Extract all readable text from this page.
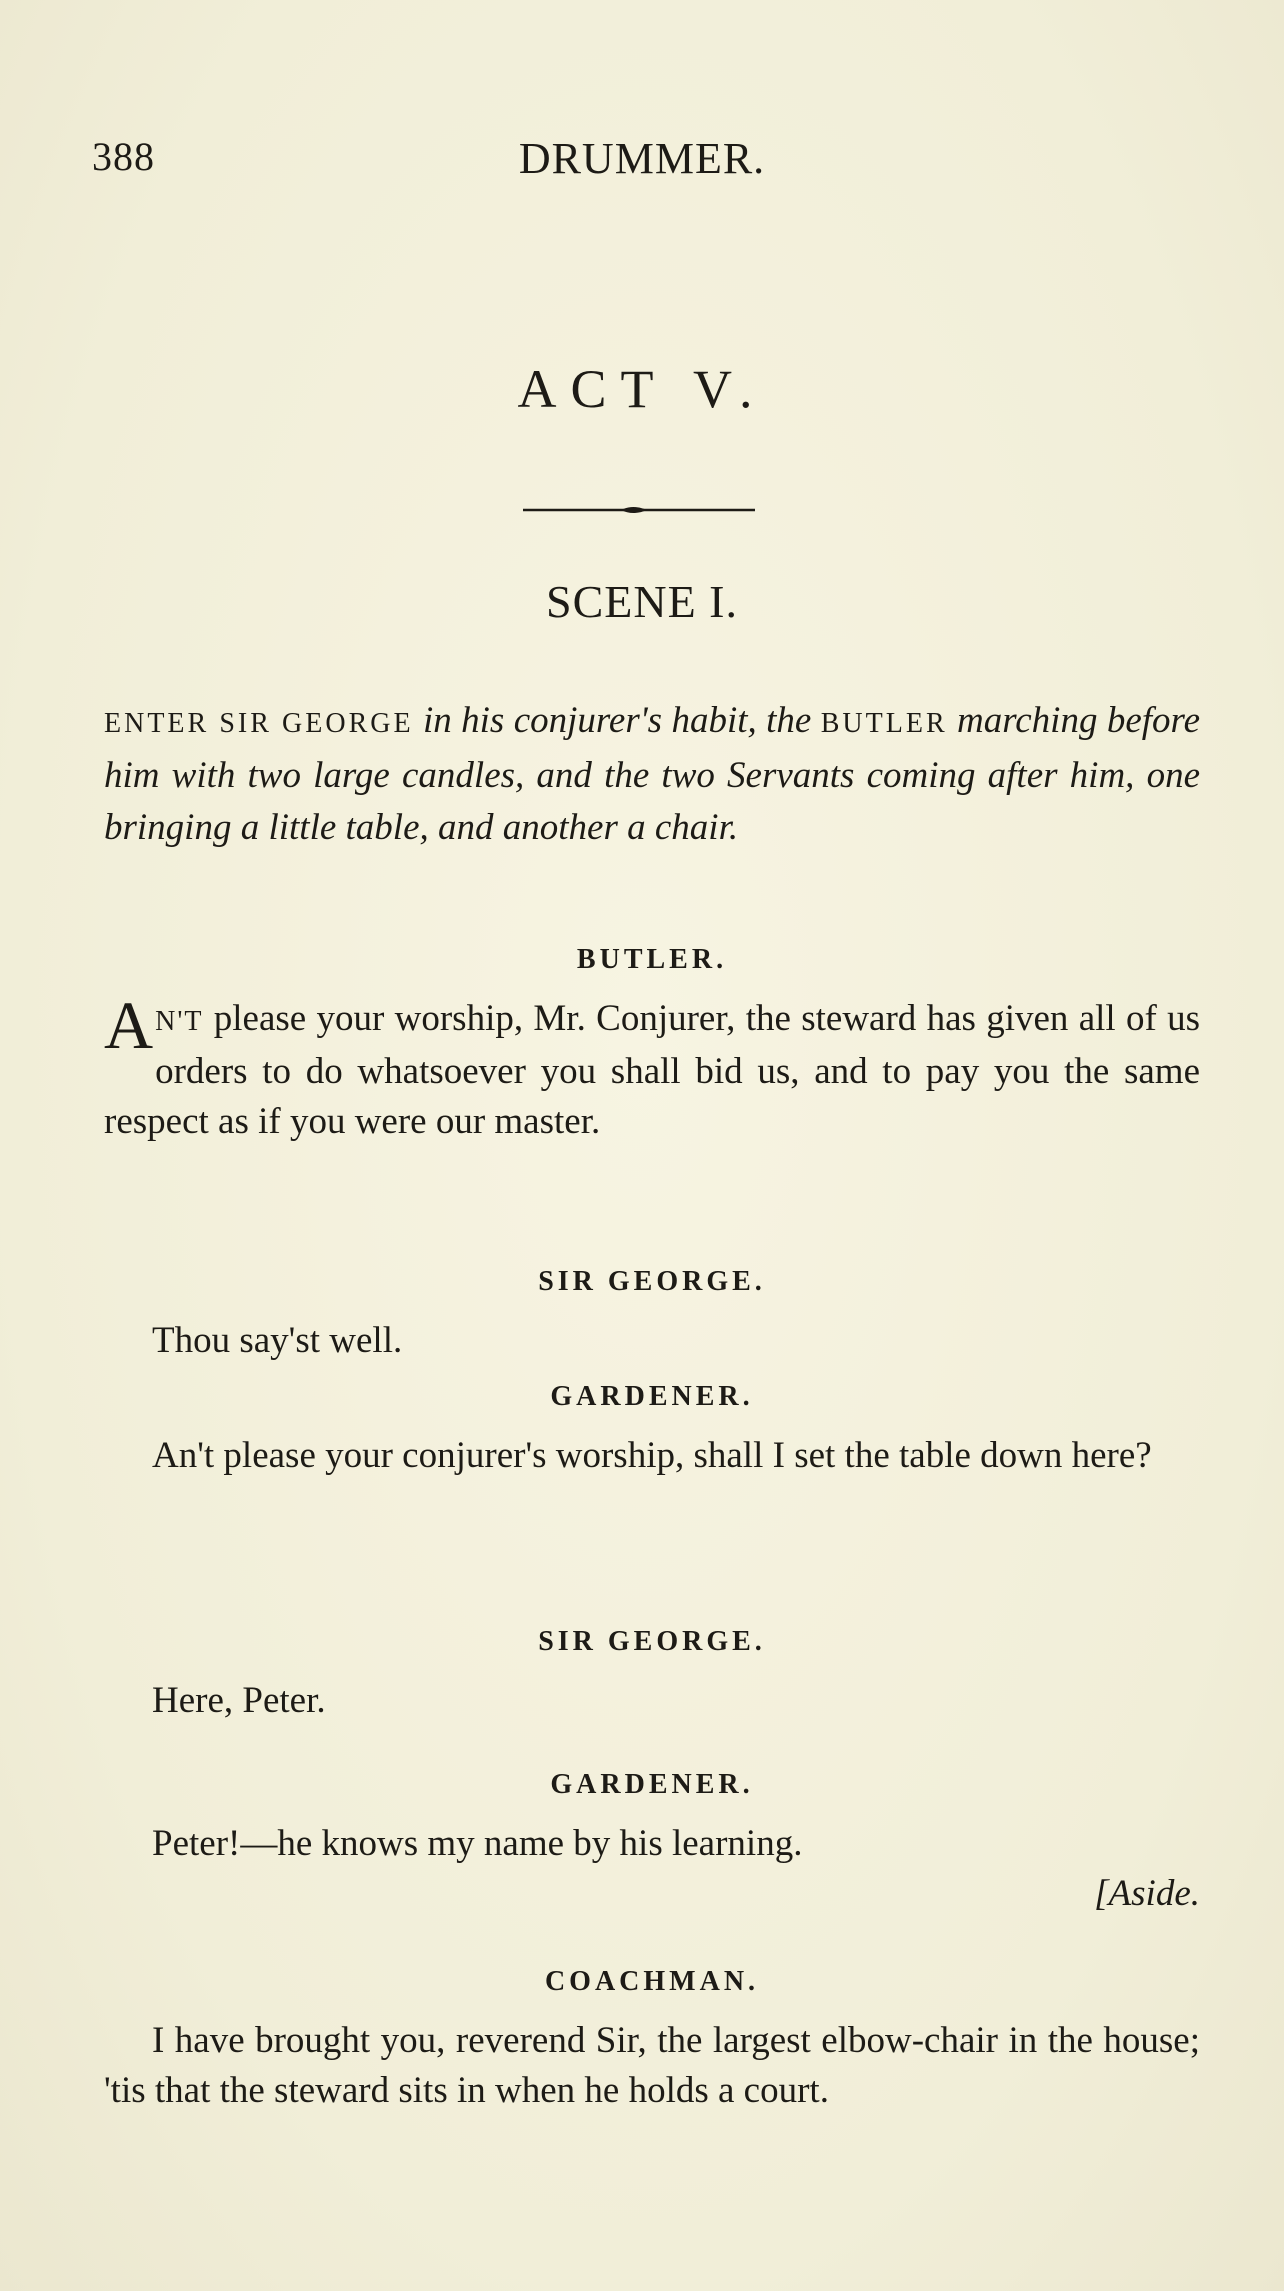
388	DRUMMER.
ACT V.
SCENE I.
ENTER SIR GEORGE in his conjurer's habit, the BUTLER marching before him with two large candles, and the two Servants coming after him, one bringing a little table, and another a chair.
BUTLER.
A N'T please your worship, Mr. Conjurer, the steward has given all of us orders to do whatsoever you shall bid us, and to pay you the same respect as if you were our master.
SIR GEORGE.
Thou say'st well.
GARDENER.
An't please your conjurer's worship, shall I set the table down here?
SIR GEORGE.
Here, Peter.
GARDENER.
Peter!—he knows my name by his learning.
[Aside.
COACHMAN.
I have brought you, reverend Sir, the largest elbow-chair in the house; 'tis that the steward sits in when he holds a court.
